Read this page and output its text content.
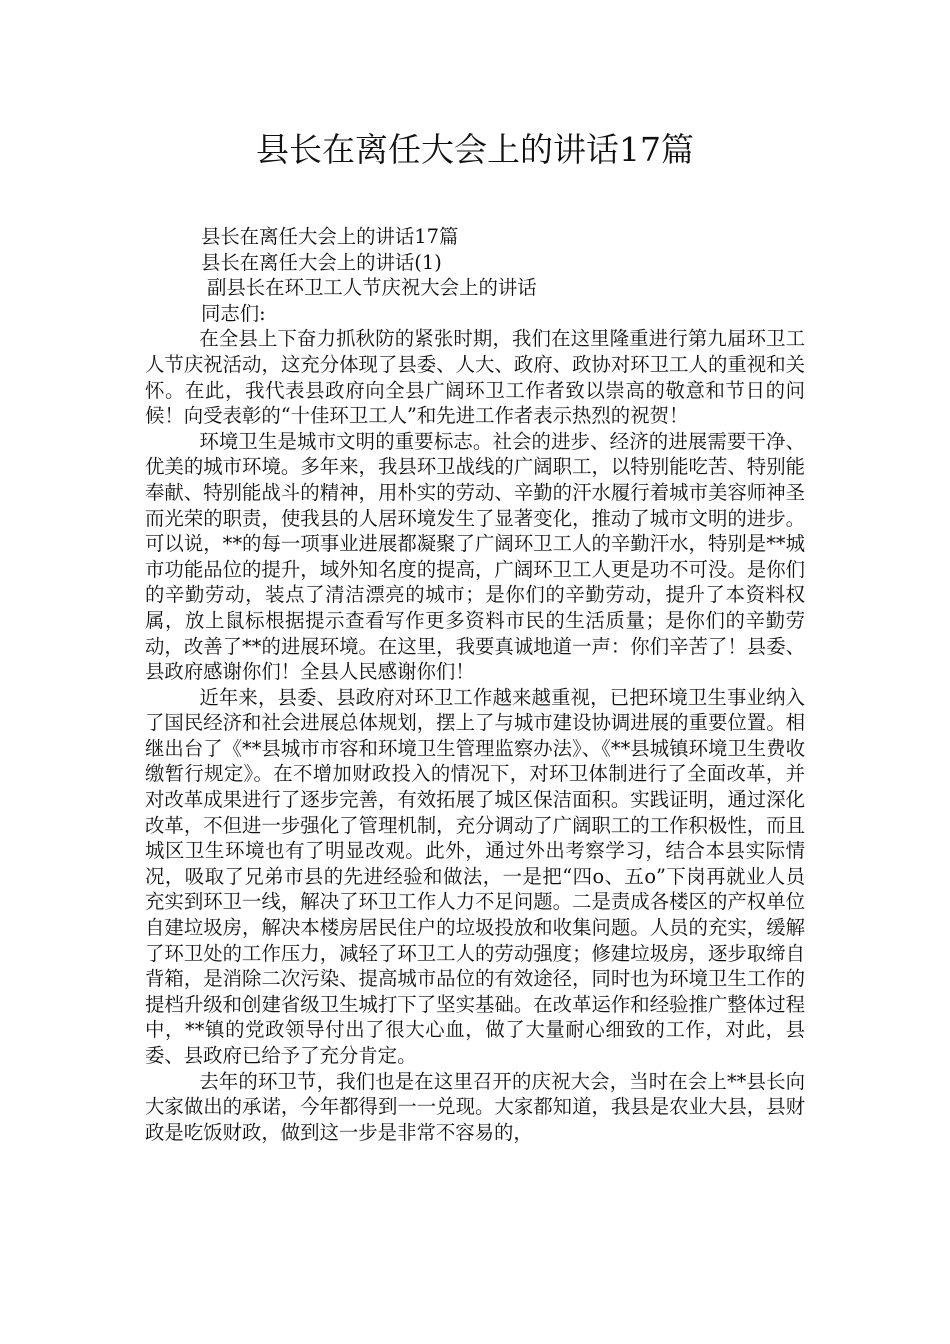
县长在离任大会上的讲话17篇

县长在离任大会上的讲话17篇

县长在离任大会上的讲话(1)

副县长在环卫工人节庆祝大会上的讲话

同志们:

在全县上下奋力抓秋防的紧张时期，我们在这里隆重进行第九届环卫工人节庆祝活动，这充分体现了县委、人大、政府、政协对环卫工人的重视和关怀。在此，我代表县政府向全县广阔环卫工作者致以崇高的敬意和节日的问候！向受表彰的“十佳环卫工人”和先进工作者表示热烈的祝贺！

环境卫生是城市文明的重要标志。社会的进步、经济的进展需要干净、优美的城市环境。多年来，我县环卫战线的广阔职工，以特别能吃苦、特别能奉献、特别能战斗的精神，用朴实的劳动、辛勤的汗水履行着城市美容师神圣而光荣的职责，使我县的人居环境发生了显著变化，推动了城市文明的进步。可以说，**的每一项事业进展都凝聚了广阔环卫工人的辛勤汗水，特别是**城市功能品位的提升，域外知名度的提高，广阔环卫工人更是功不可没。是你们的辛勤劳动，装点了清洁漂亮的城市；是你们的辛勤劳动，提升了本资料权属，放上鼠标根据提示查看写作更多资料市民的生活质量；是你们的辛勤劳动，改善了**的进展环境。在这里，我要真诚地道一声：你们辛苦了！县委、县政府感谢你们！全县人民感谢你们！

近年来，县委、县政府对环卫工作越来越重视，已把环境卫生事业纳入了国民经济和社会进展总体规划，摆上了与城市建设协调进展的重要位置。相继出台了《**县城市市容和环境卫生管理监察办法》、《**县城镇环境卫生费收缴暂行规定》。在不增加财政投入的情况下，对环卫体制进行了全面改革，并对改革成果进行了逐步完善，有效拓展了城区保洁面积。实践证明，通过深化改革，不但进一步强化了管理机制，充分调动了广阔职工的工作积极性，而且城区卫生环境也有了明显改观。此外，通过外出考察学习，结合本县实际情况，吸取了兄弟市县的先进经验和做法，一是把“四o、五o”下岗再就业人员充实到环卫一线，解决了环卫工作人力不足问题。二是责成各楼区的产权单位自建垃圾房，解决本楼房居民住户的垃圾投放和收集问题。人员的充实，缓解了环卫处的工作压力，减轻了环卫工人的劳动强度；修建垃圾房，逐步取缔自背箱，是消除二次污染、提高城市品位的有效途径，同时也为环境卫生工作的提档升级和创建省级卫生城打下了坚实基础。在改革运作和经验推广整体过程中，**镇的党政领导付出了很大心血，做了大量耐心细致的工作，对此，县委、县政府已给予了充分肯定。

去年的环卫节，我们也是在这里召开的庆祝大会，当时在会上**县长向大家做出的承诺，今年都得到一一兑现。大家都知道，我县是农业大县，县财政是吃饭财政，做到这一步是非常不容易的，
